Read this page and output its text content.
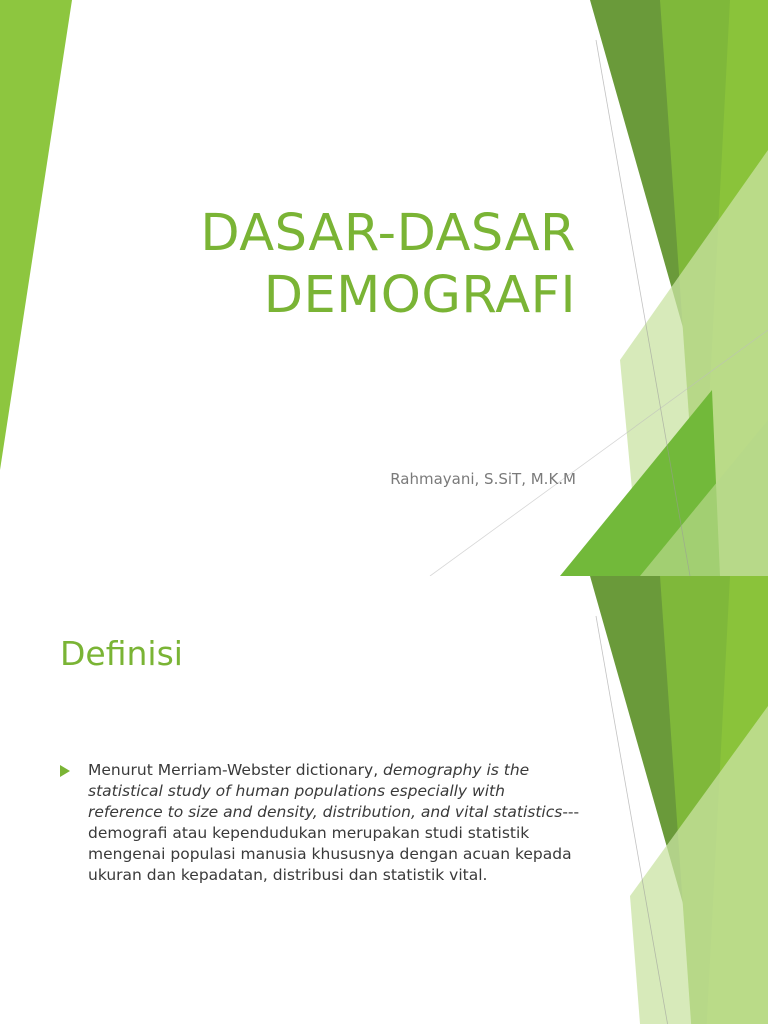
DASAR-DASAR
DEMOGRAFI
Rahmayani, S.SiT, M.K.M
Definisi
Menurut Merriam-Webster dictionary, demography is the statistical study of human populations especially with reference to size and density, distribution, and vital statistics---demografi atau kependudukan merupakan studi statistik mengenai populasi manusia khususnya dengan acuan kepada ukuran dan kepadatan, distribusi dan statistik vital.
